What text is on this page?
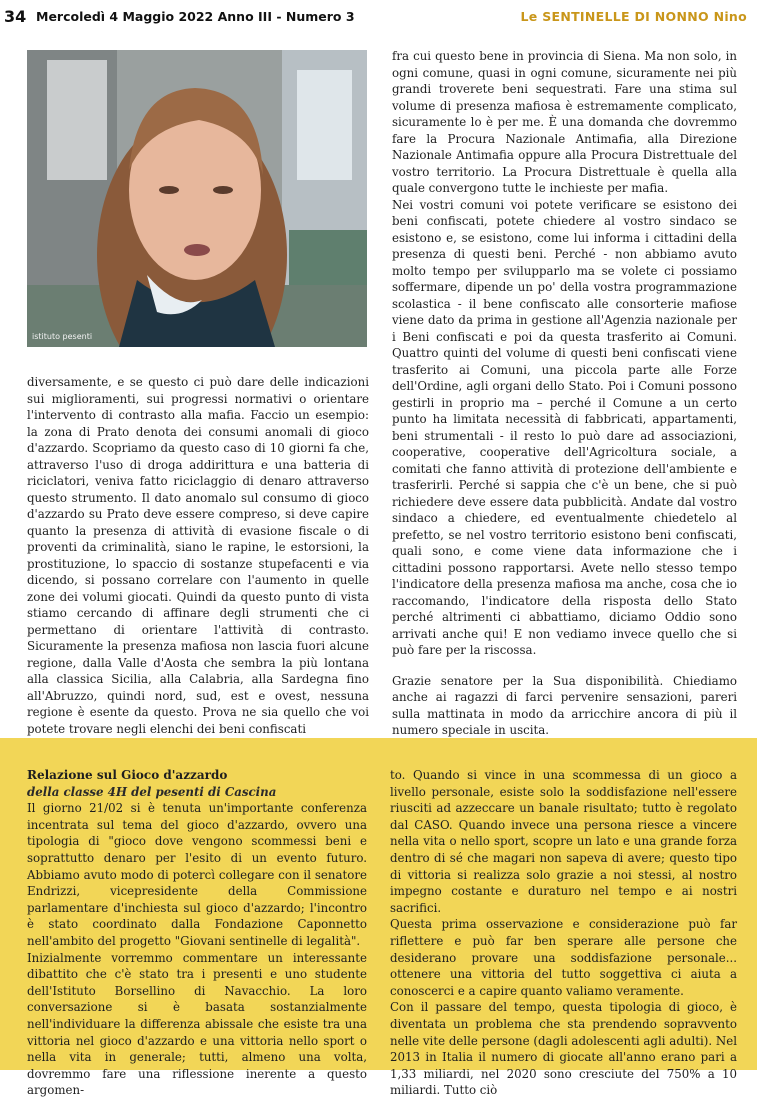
34 Mercoledì 4 Maggio 2022 Anno III - Numero 3	Le SENTINELLE DI NONNO Nino
istituto pesenti

fra cui questo bene in provincia di Siena. Ma non solo, in ogni comune, quasi in ogni comune, sicuramente nei più grandi troverete beni sequestrati. Fare una stima sul volume di presenza mafiosa è estremamente complicato, sicuramente lo è per me. È una domanda che dovremmo fare la Procura Nazionale Antimafia, alla Direzione Nazionale Antimafia oppure alla Procura Distrettuale del vostro territorio. La Procura Distrettuale è quella alla quale convergono tutte le inchieste per mafia.

Nei vostri comuni voi potete verificare se esistono dei beni confiscati, potete chiedere al vostro sindaco se esistono e, se esistono, come lui informa i cittadini della presenza di questi beni. Perché - non abbiamo avuto molto tempo per svilupparlo ma se volete ci possiamo soffermare, dipende un po' della vostra programmazione scolastica - il bene confiscato alle consorterie mafiose viene dato da prima in gestione all'Agenzia nazionale per i Beni confiscati e poi da questa trasferito ai Comuni. Quattro quinti del volume di questi beni confiscati viene trasferito ai Comuni, una piccola parte alle Forze dell'Ordine, agli organi dello Stato. Poi i Comuni possono gestirli in proprio ma – perché il Comune a un certo punto ha limitata necessità di fabbricati, appartamenti, beni strumentali - il resto lo può dare ad associazioni, cooperative, cooperative dell'Agricoltura sociale, a comitati che fanno attività di protezione dell'ambiente e trasferirli. Perché si sappia che c'è un bene, che si può richiedere deve essere data pubblicità. Andate dal vostro sindaco a chiedere, ed eventualmente chiedetelo al prefetto, se nel vostro territorio esistono beni confiscati, quali sono, e come viene data informazione che i cittadini possono rapportarsi. Avete nello stesso tempo l'indicatore della presenza mafiosa ma anche, cosa che io raccomando, l'indicatore della risposta dello Stato perché altrimenti ci abbattiamo, diciamo Oddio sono arrivati anche qui! E non vediamo invece quello che si può fare per la riscossa.

Grazie senatore per la Sua disponibilità. Chiediamo anche ai ragazzi di farci pervenire sensazioni, pareri sulla mattinata in modo da arricchire ancora di più il numero speciale in uscita.

diversamente, e se questo ci può dare delle indicazioni sui miglioramenti, sui progressi normativi o orientare l'intervento di contrasto alla mafia. Faccio un esempio: la zona di Prato denota dei consumi anomali di gioco d'azzardo. Scopriamo da questo caso di 10 giorni fa che, attraverso l'uso di droga addirittura e una batteria di riciclatori, veniva fatto riciclaggio di denaro attraverso questo strumento. Il dato anomalo sul consumo di gioco d'azzardo su Prato deve essere compreso, si deve capire quanto la presenza di attività di evasione fiscale o di proventi da criminalità, siano le rapine, le estorsioni, la prostituzione, lo spaccio di sostanze stupefacenti e via dicendo, si possano correlare con l'aumento in quelle zone dei volumi giocati. Quindi da questo punto di vista stiamo cercando di affinare degli strumenti che ci permettano di orientare l'attività di contrasto. Sicuramente la presenza mafiosa non lascia fuori alcune regione, dalla Valle d'Aosta che sembra la più lontana alla classica Sicilia, alla Calabria, alla Sardegna fino all'Abruzzo, quindi nord, sud, est e ovest, nessuna regione è esente da questo. Prova ne sia quello che voi potete trovare negli elenchi dei beni confiscati

Relazione sul Gioco d'azzardo

della classe 4H del pesenti di Cascina

Il giorno 21/02 si è tenuta un'importante conferenza incentrata sul tema del gioco d'azzardo, ovvero una tipologia di "gioco dove vengono scommessi beni e soprattutto denaro per l'esito di un evento futuro. Abbiamo avuto modo di potercì collegare con il senatore Endrizzi, vicepresidente della Commissione parlamentare d'inchiesta sul gioco d'azzardo; l'incontro è stato coordinato dalla Fondazione Caponnetto nell'ambito del progetto "Giovani sentinelle di legalità".

Inizialmente vorremmo commentare un interessante dibattito che c'è stato tra i presenti e uno studente dell'Istituto Borsellino di Navacchio. La loro conversazione si è basata sostanzialmente nell'individuare la differenza abissale che esiste tra una vittoria nel gioco d'azzardo e una vittoria nello sport o nella vita in generale; tutti, almeno una volta, dovremmo fare una riflessione inerente a questo argomen-

to. Quando si vince in una scommessa di un gioco a livello personale, esiste solo la soddisfazione nell'essere riusciti ad azzeccare un banale risultato; tutto è regolato dal CASO. Quando invece una persona riesce a vincere nella vita o nello sport, scopre un lato e una grande forza dentro di sé che magari non sapeva di avere; questo tipo di vittoria si realizza solo grazie a noi stessi, al nostro impegno costante e duraturo nel tempo e ai nostri sacrifici.

Questa prima osservazione e considerazione può far riflettere e può far ben sperare alle persone che desiderano provare una soddisfazione personale... ottenere una vittoria del tutto soggettiva ci aiuta a conoscerci e a capire quanto valiamo veramente.

Con il passare del tempo, questa tipologia di gioco, è diventata un problema che sta prendendo sopravvento nelle vite delle persone (dagli adolescenti agli adulti). Nel 2013 in Italia il numero di giocate all'anno erano pari a 1,33 miliardi, nel 2020 sono cresciute del 750% a 10 miliardi. Tutto ciò
